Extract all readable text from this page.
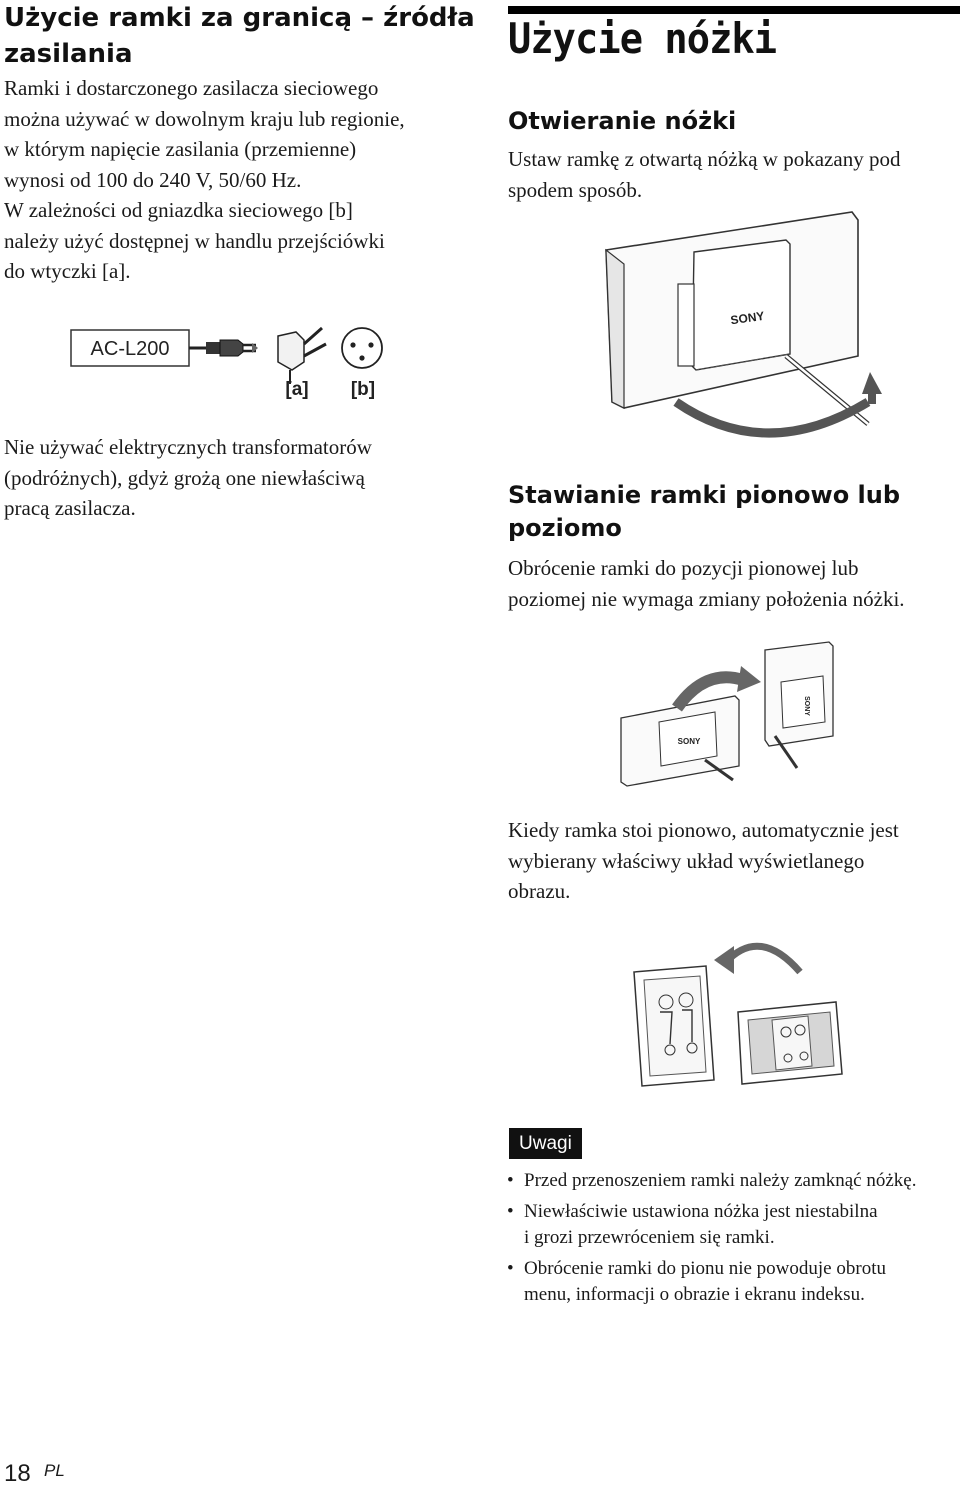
Użycie ramki za granicą – źródła
zasilania

Ramki i dostarczonego zasilacza sieciowego
można używać w dowolnym kraju lub regionie,
w którym napięcie zasilania (przemienne)
wynosi od 100 do 240 V, 50/60 Hz.
W zależności od gniazdka sieciowego [b]
należy użyć dostępnej w handlu przejściówki
do wtyczki [a].

AC-L200
[a] [b]

Nie używać elektrycznych transformatorów
(podróżnych), gdyż grożą one niewłaściwą
pracą zasilacza.

Użycie nóżki
Otwieranie nóżki

Ustaw ramkę z otwartą nóżką w pokazany pod
spodem sposób.

SONY
Stawianie ramki pionowo lub
poziomo

Obrócenie ramki do pozycji pionowej lub
poziomej nie wymaga zmiany położenia nóżki.

SONY
SONY

Kiedy ramka stoi pionowo, automatycznie jest
wybierany właściwy układ wyświetlanego
obrazu.

Uwagi
• Przed przenoszeniem ramki należy zamknąć nóżkę.
• Niewłaściwie ustawiona nóżka jest niestabilna
i grozi przewróceniem się ramki.
• Obrócenie ramki do pionu nie powoduje obrotu
menu, informacji o obrazie i ekranu indeksu.
18 PL
